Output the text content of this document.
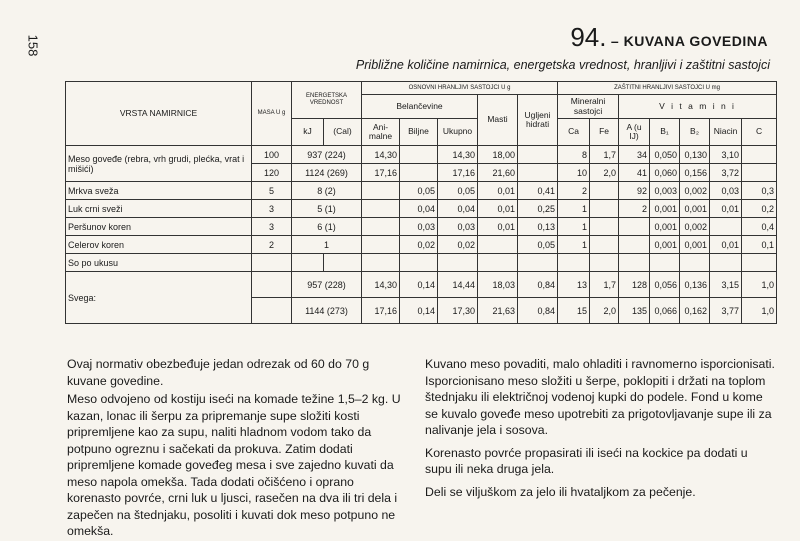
158	94. – KUVANA GOVEDINA
Približne količine namirnica, energetska vrednost, hranljivi i zaštitni sastojci
VRSTA NAMIRNICE	MASA U g	ENERGETSKA VREDNOST		OSNOVNI HRANLJIVI SASTOJCI U g					ZAŠTITNI HRANLJIVI SASTOJCI U mg						
				Belančevine			Masti	Ugljeni hidrati	Mineralni sastojci		V i t a m i n i				
		kJ	(Cal)	Ani-malne	Biljne	Ukupno			Ca	Fe	A (u IJ)	B₁	B₂	Niacin	C
Meso goveđe (rebra, vrh grudi, plećka, vrat i mišići)	100	937 (224)		14,30		14,30	18,00		8	1,7	34	0,050	0,130	3,10	
	120	1124 (269)		17,16		17,16	21,60		10	2,0	41	0,060	0,156	3,72	
Mrkva sveža	5	8 (2)			0,05	0,05	0,01	0,41	2		92	0,003	0,002	0,03	0,3
Luk crni sveži	3	5 (1)			0,04	0,04	0,01	0,25	1		2	0,001	0,001	0,01	0,2
Peršunov koren	3	6 (1)			0,03	0,03	0,01	0,13	1			0,001	0,002		0,4
Celerov koren	2	1			0,02	0,02		0,05	1			0,001	0,001	0,01	0,1
So po ukusu															
Svega:		957 (228)		14,30	0,14	14,44	18,03	0,84	13	1,7	128	0,056	0,136	3,15	1,0
		1144 (273)		17,16	0,14	17,30	21,63	0,84	15	2,0	135	0,066	0,162	3,77	1,0

Ovaj normativ obezbeđuje jedan odrezak od 60 do 70 g kuvane govedine.

Meso odvojeno od kostiju iseći na komade težine 1,5–2 kg. U kazan, lonac ili šerpu za pripremanje supe složiti kosti pripremljene kao za supu, naliti hladnom vodom tako da potpuno ogreznu i sačekati da prokuva. Zatim dodati pripremljene komade goveđeg mesa i sve zajedno kuvati da meso napola omekša. Tada dodati očišćeno i oprano korenasto povrće, crni luk u ljusci, rasečen na dva ili tri dela i zapečen na štednjaku, posoliti i kuvati dok meso potpuno ne omekša.

Kuvano meso povaditi, malo ohladiti i ravnomerno isporcionisati. Isporcionisano meso složiti u šerpe, poklopiti i držati na toplom štednjaku ili električnoj vodenoj kupki do podele. Fond u kome se kuvalo goveđe meso upotrebiti za prigotovljavanje supe ili za nalivanje jela i sosova.

Korenasto povrće propasirati ili iseći na kockice pa dodati u supu ili neka druga jela.

Deli se viljuškom za jelo ili hvataljkom za pečenje.
